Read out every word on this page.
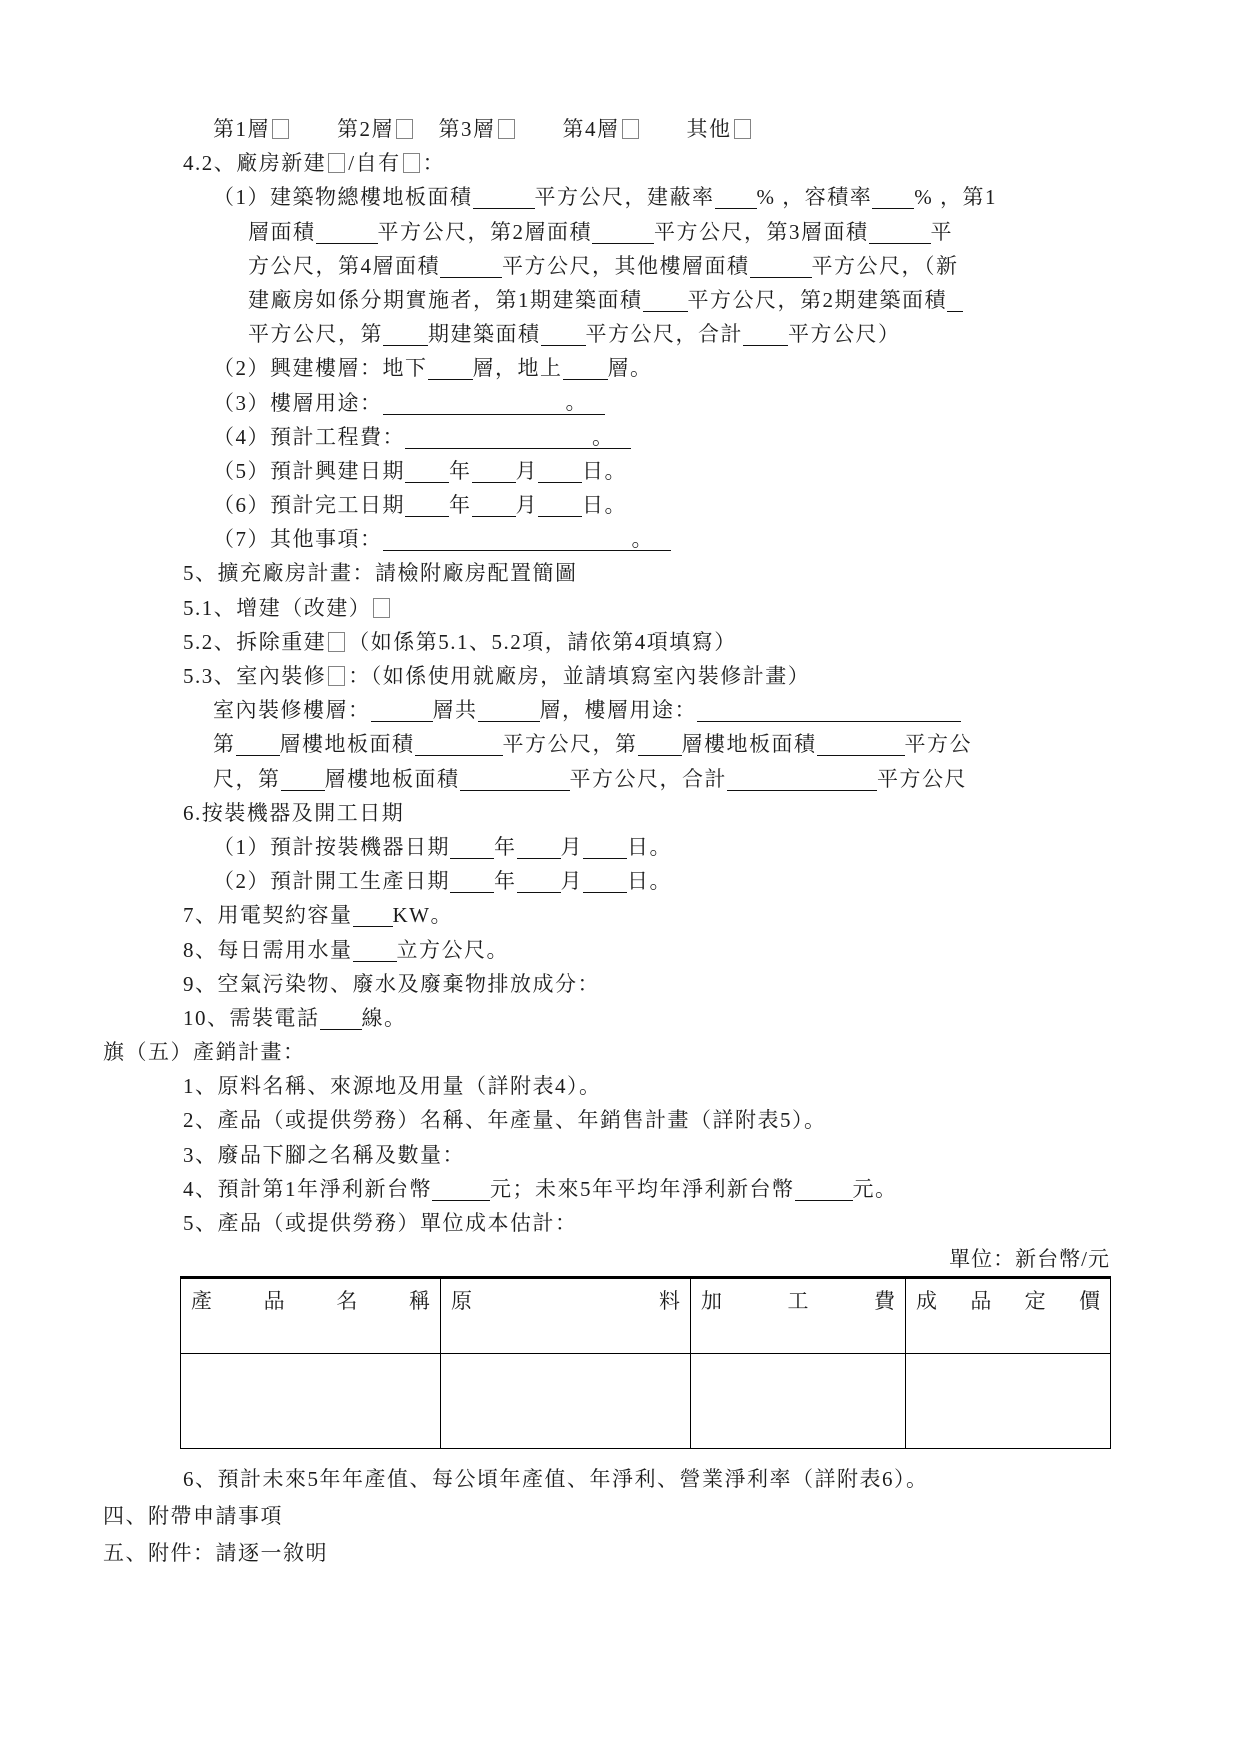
第1層　　第2層　第3層　　第4層　　其他
4.2、廠房新建 /自有 ：
（1）建築物總樓地板面積	平方公尺，建蔽率 % ，容積率 % ，第1
層面積	平方公尺，第2層面積	平方公尺，第3層面積	平
方公尺，第4層面積	平方公尺，其他樓層面積	平方公尺，（新
建廠房如係分期實施者，第1期建築面積 平方公尺，第2期建築面積
平方公尺，第 期建築面積 平方公尺，合計 平方公尺）
（2）興建樓層：地下 層，地上 層。
（3）樓層用途：	。
（4）預計工程費：	。
（5）預計興建日期 年 月 日。
（6）預計完工日期 年 月 日。
（7）其他事項：	。
5、擴充廠房計畫：請檢附廠房配置簡圖
5.1、增建（改建）
5.2、拆除重建 （如係第5.1、5.2項，請依第4項填寫）
5.3、室內裝修 ：（如係使用就廠房，並請填寫室內裝修計畫）
室內裝修樓層：	層共	層，樓層用途：
第 層樓地板面積	平方公尺，第 層樓地板面積	平方公
尺，第 層樓地板面積	平方公尺，合計	平方公尺
6.按裝機器及開工日期
（1）預計按裝機器日期 年 月 日。
（2）預計開工生產日期 年 月 日。
7、用電契約容量 KW。
8、每日需用水量 立方公尺。
9、空氣污染物、廢水及廢棄物排放成分：
10、需裝電話 線。
旗（五）產銷計畫：
1、原料名稱、來源地及用量（詳附表4）。
2、產品（或提供勞務）名稱、年產量、年銷售計畫（詳附表5）。
3、廢品下腳之名稱及數量：
4、預計第1年淨利新台幣	元；未來5年平均年淨利新台幣	元。
5、產品（或提供勞務）單位成本估計：
單位：新台幣/元
產 品 名 稱	原 料	加 工 費	成 品 定 價

6、預計未來5年年產值、每公頃年產值、年淨利、營業淨利率（詳附表6）。
四、附帶申請事項
五、附件：請逐一敘明
